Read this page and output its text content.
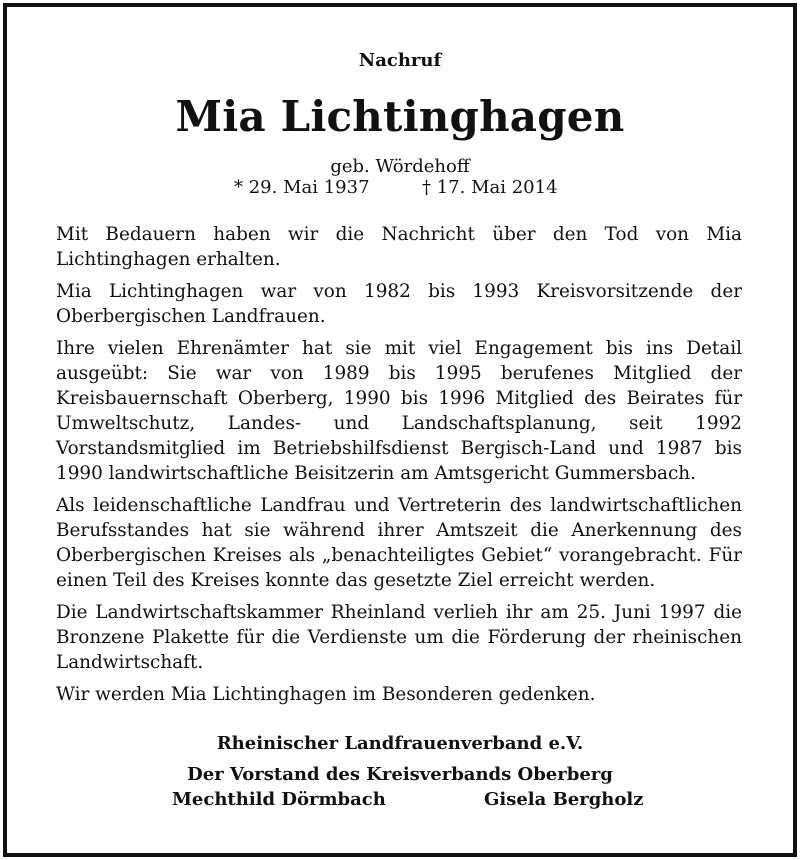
Nachruf
Mia Lichtinghagen
geb. Wördehoff
* 29. Mai 1937	† 17. Mai 2014

Mit Bedauern haben wir die Nachricht über den Tod von Mia Lichtinghagen erhalten.

Mia Lichtinghagen war von 1982 bis 1993 Kreisvorsitzende der Oberbergischen Landfrauen.

Ihre vielen Ehrenämter hat sie mit viel Engagement bis ins Detail ausgeübt: Sie war von 1989 bis 1995 berufenes Mitglied der Kreisbauernschaft Oberberg, 1990 bis 1996 Mitglied des Beirates für Umweltschutz, Landes- und Landschaftsplanung, seit 1992 Vorstandsmitglied im Betriebshilfsdienst Bergisch-Land und 1987 bis 1990 landwirtschaftliche Beisitzerin am Amtsgericht Gummersbach.

Als leidenschaftliche Landfrau und Vertreterin des landwirtschaftlichen Berufsstandes hat sie während ihrer Amtszeit die Anerkennung des Oberbergischen Kreises als „benachteiligtes Gebiet“ vorangebracht. Für einen Teil des Kreises konnte das gesetzte Ziel erreicht werden.

Die Landwirtschaftskammer Rheinland verlieh ihr am 25. Juni 1997 die Bronzene Plakette für die Verdienste um die Förderung der rheinischen Landwirtschaft.

Wir werden Mia Lichtinghagen im Besonderen gedenken.

Rheinischer Landfrauenverband e.V.
Der Vorstand des Kreisverbands Oberberg
Mechthild Dörmbach	Gisela Bergholz
